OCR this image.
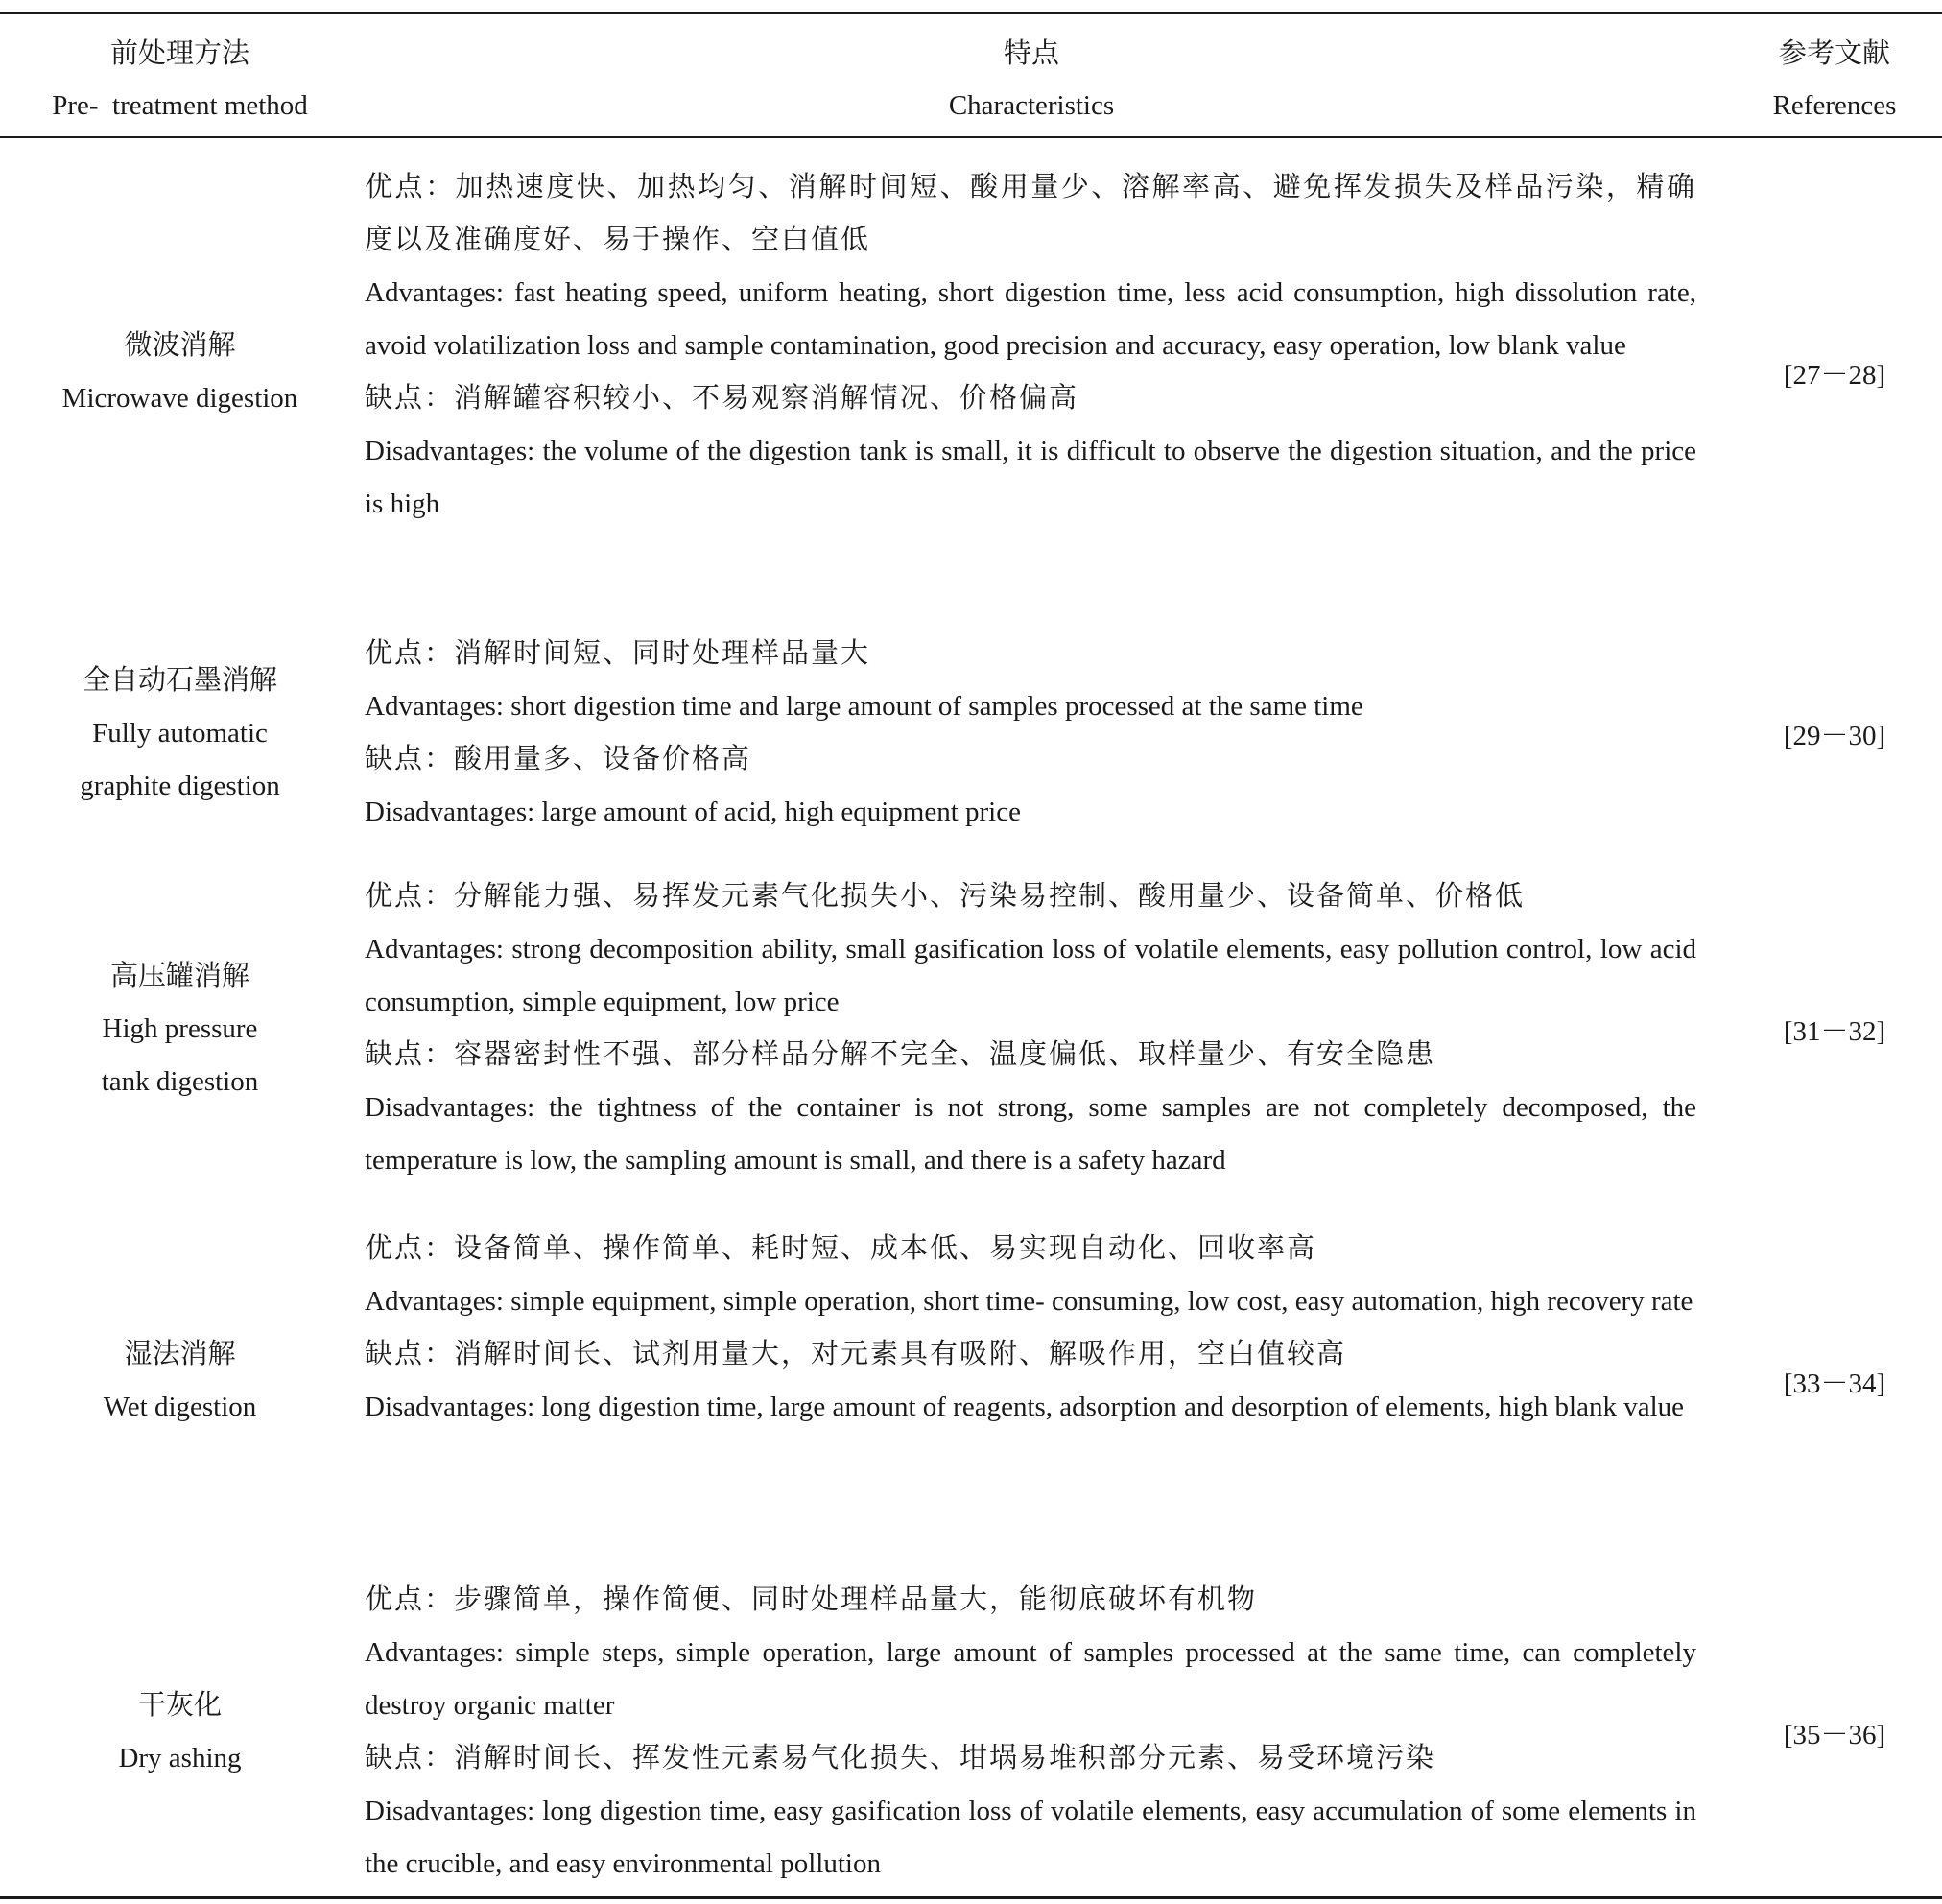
前处理方法
Pre-  treatment method
特点
Characteristics
参考文献
References
微波消解
Microwave digestion

优点：加热速度快、加热均匀、消解时间短、酸用量少、溶解率高、避免挥发损失及样品污染，精确度以及准确度好、易于操作、空白值低

Advantages: fast heating speed, uniform heating, short digestion time, less acid consumption, high dissolution rate, avoid volatilization loss and sample contamination, good precision and accuracy, easy operation, low blank value

缺点：消解罐容积较小、不易观察消解情况、价格偏高

Disadvantages: the volume of the digestion tank is small, it is difficult to observe the digestion situation, and the price is high

[27－28]
全自动石墨消解
Fully automatic
graphite digestion

优点：消解时间短、同时处理样品量大

Advantages: short digestion time and large amount of samples processed at the same time

缺点：酸用量多、设备价格高

Disadvantages: large amount of acid, high equipment price

[29－30]
高压罐消解
High pressure
tank digestion

优点：分解能力强、易挥发元素气化损失小、污染易控制、酸用量少、设备简单、价格低

Advantages: strong decomposition ability, small gasification loss of volatile elements, easy pollution control, low acid consumption, simple equipment, low price

缺点：容器密封性不强、部分样品分解不完全、温度偏低、取样量少、有安全隐患

Disadvantages: the tightness of the container is not strong, some samples are not completely decomposed, the temperature is low, the sampling amount is small, and there is a safety hazard

[31－32]
湿法消解
Wet digestion

优点：设备简单、操作简单、耗时短、成本低、易实现自动化、回收率高

Advantages: simple equipment, simple operation, short time- consuming, low cost, easy automation, high recovery rate

缺点：消解时间长、试剂用量大，对元素具有吸附、解吸作用，空白值较高

Disadvantages: long digestion time, large amount of reagents, adsorption and desorption of elements, high blank value

[33－34]
干灰化
Dry ashing

优点：步骤简单，操作简便、同时处理样品量大，能彻底破坏有机物

Advantages: simple steps, simple operation, large amount of samples processed at the same time, can completely destroy organic matter

缺点：消解时间长、挥发性元素易气化损失、坩埚易堆积部分元素、易受环境污染

Disadvantages: long digestion time, easy gasification loss of volatile elements, easy accumulation of some elements in the crucible, and easy environmental pollution

[35－36]
